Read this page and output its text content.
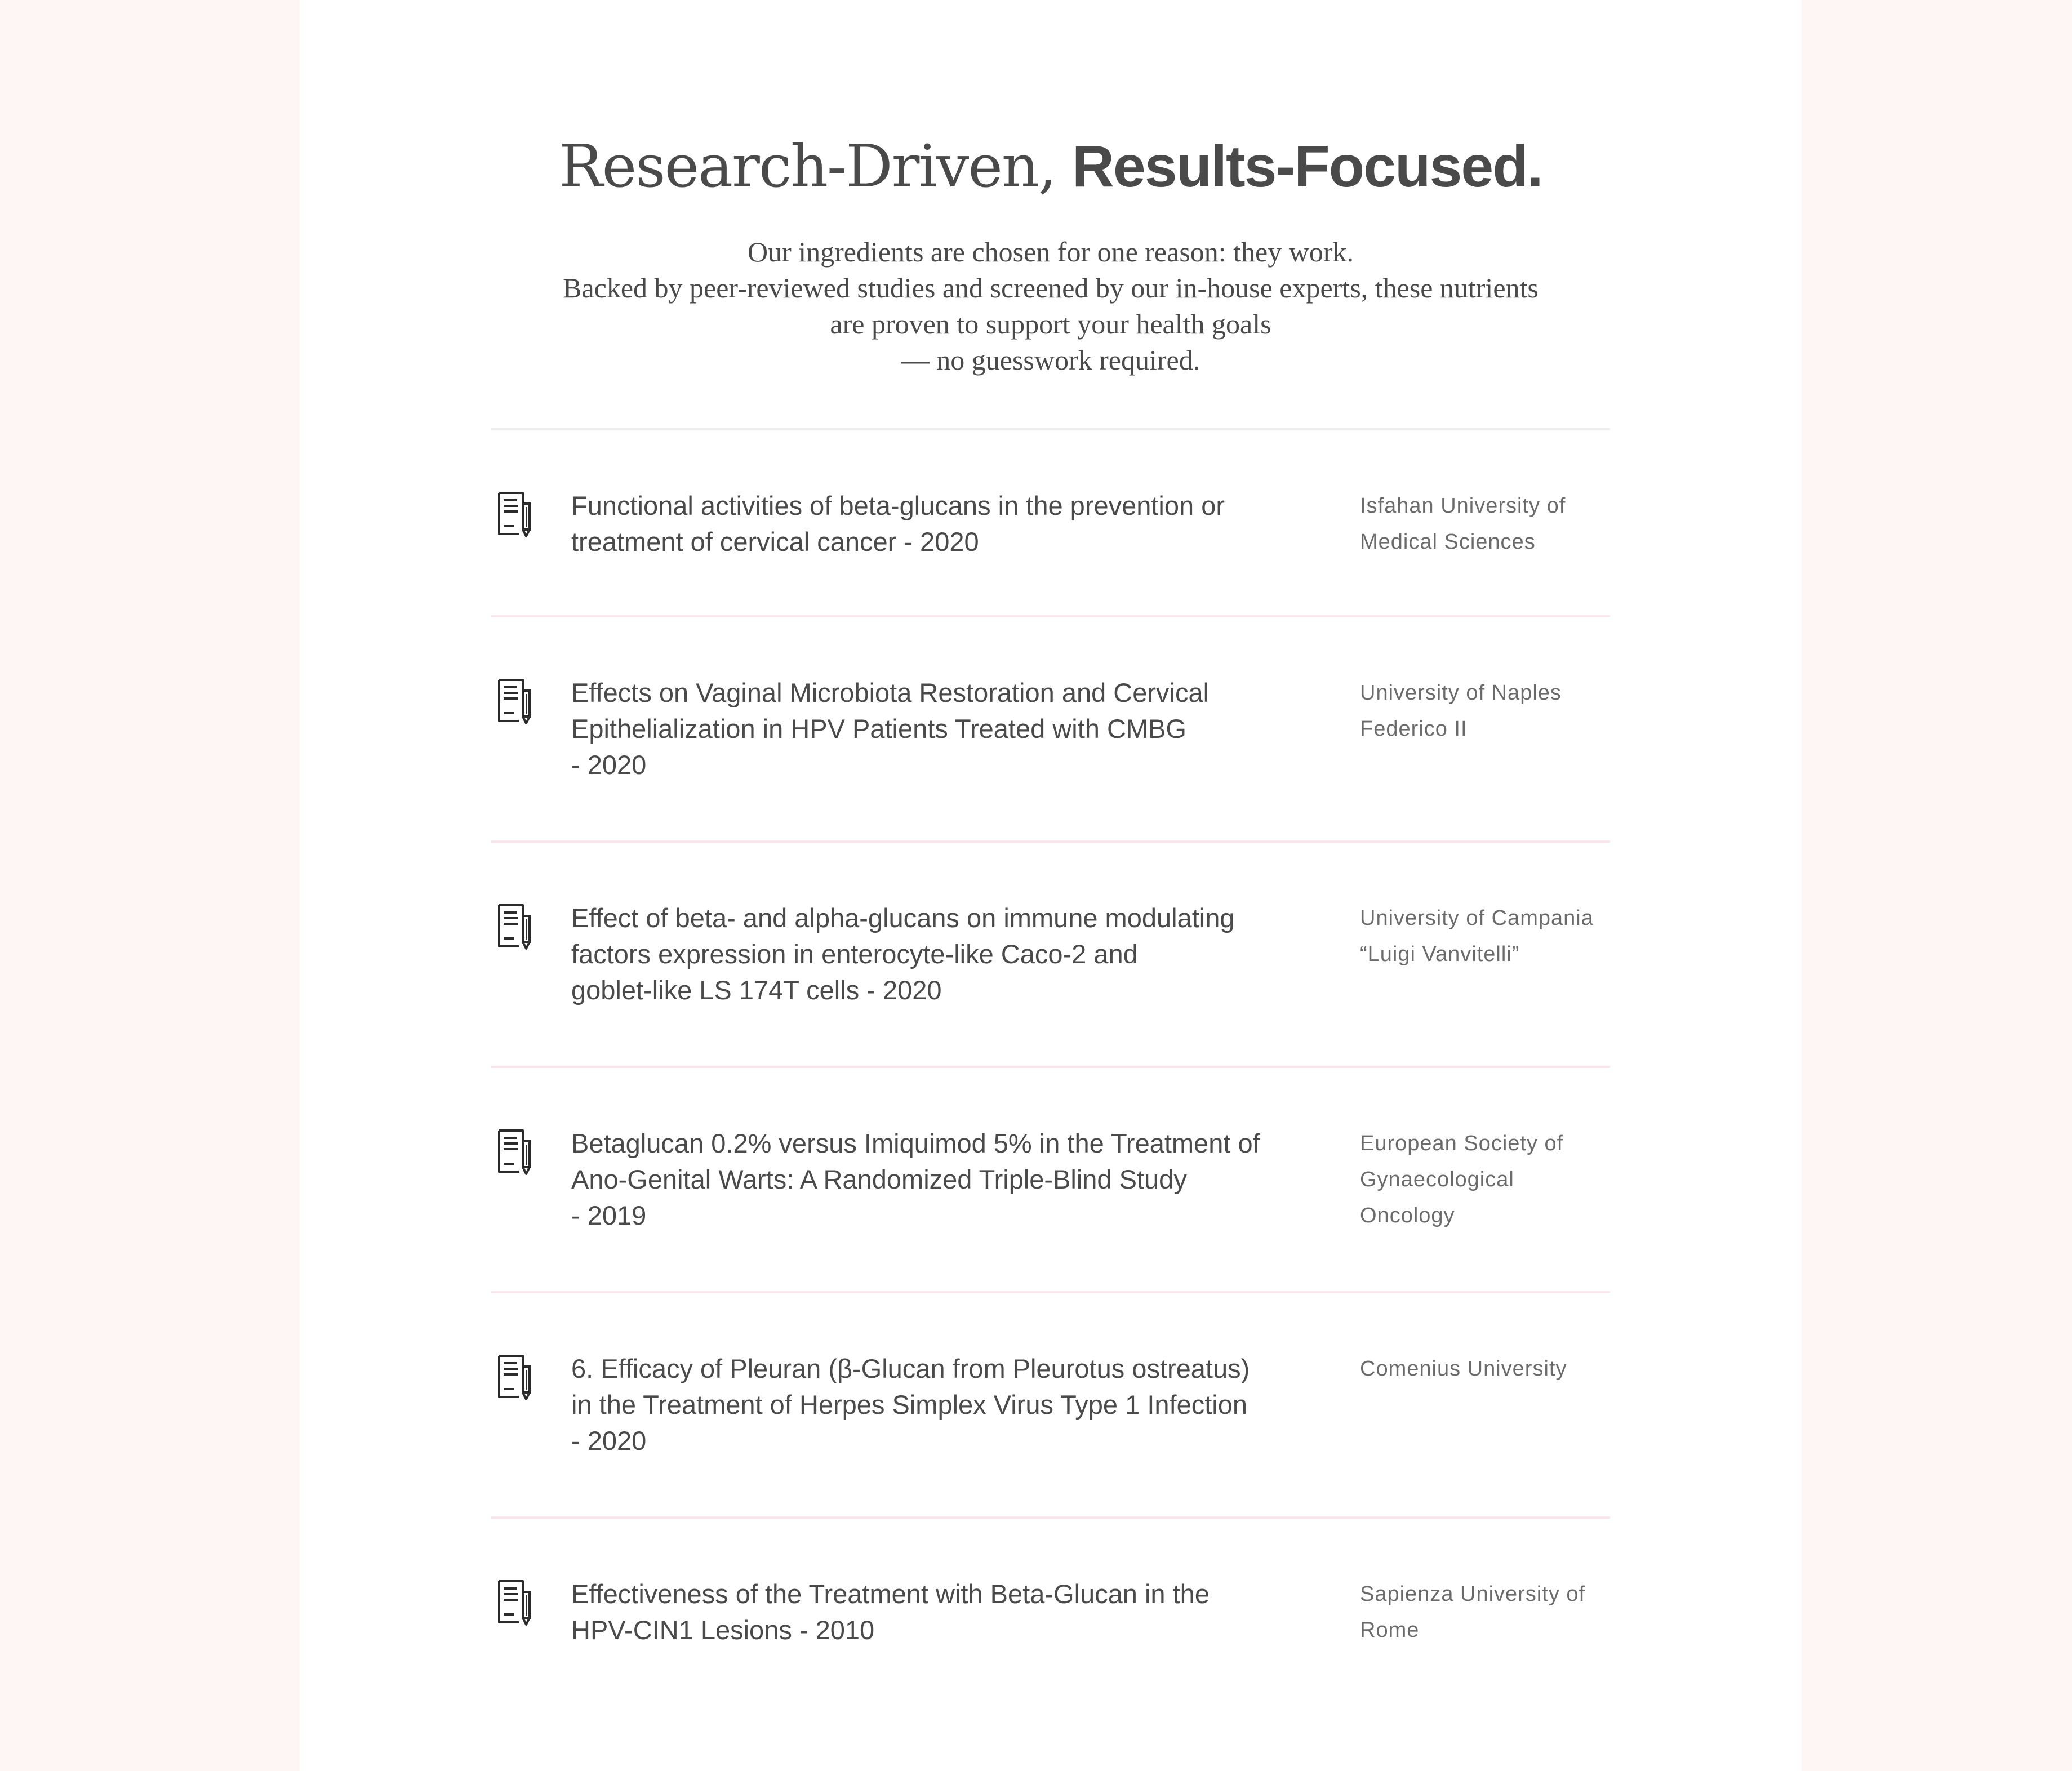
Research-Driven, Results-Focused.
Our ingredients are chosen for one reason: they work.
Backed by peer-reviewed studies and screened by our in-house experts, these nutrients
are proven to support your health goals
— no guesswork required.
Functional activities of beta-glucans in the prevention or
treatment of cervical cancer - 2020
Isfahan University of
Medical Sciences
Effects on Vaginal Microbiota Restoration and Cervical
Epithelialization in HPV Patients Treated with CMBG
- 2020
University of Naples
Federico II
Effect of beta- and alpha-glucans on immune modulating
factors expression in enterocyte-like Caco-2 and
goblet-like LS 174T cells - 2020
University of Campania
“Luigi Vanvitelli”
Betaglucan 0.2% versus Imiquimod 5% in the Treatment of
Ano-Genital Warts: A Randomized Triple-Blind Study
- 2019
European Society of
Gynaecological
Oncology
6. Efficacy of Pleuran (β-Glucan from Pleurotus ostreatus)
in the Treatment of Herpes Simplex Virus Type 1 Infection
- 2020
Comenius University
Effectiveness of the Treatment with Beta-Glucan in the
HPV-CIN1 Lesions - 2010
Sapienza University of
Rome
